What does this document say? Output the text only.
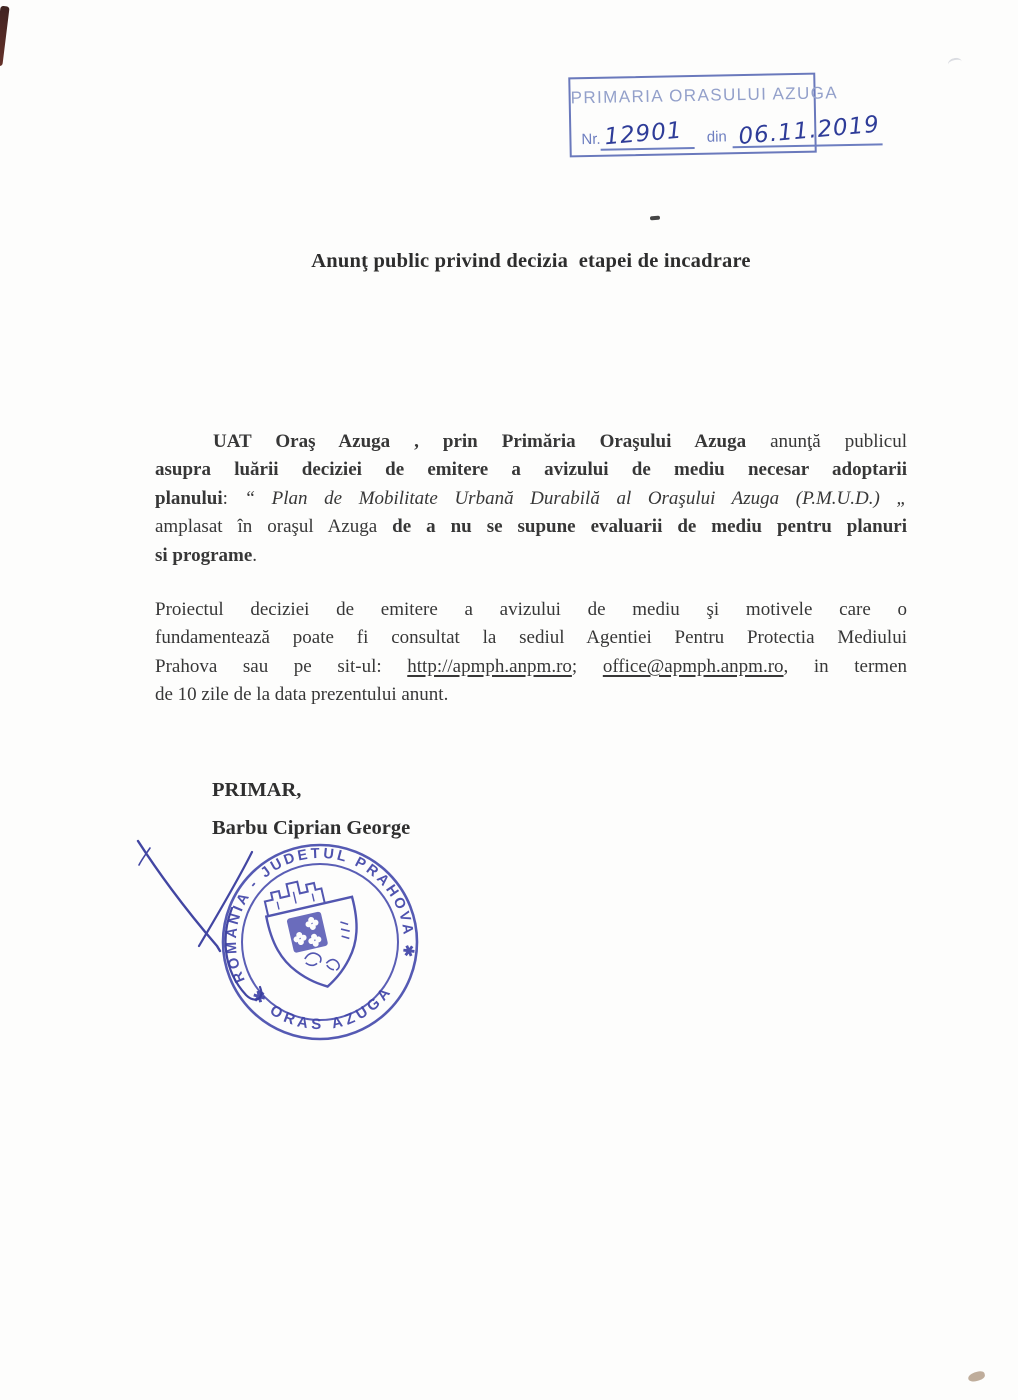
PRIMARIA ORASULUI AZUGA
Nr. 12901	din 06.11.2019
Anunţ public privind decizia  etapei de incadrare
UAT Oraş Azuga , prin Primăria Oraşului Azuga anunţă publicul
asupra luării deciziei de emitere a avizului de mediu necesar adoptarii
planului: “ Plan de Mobilitate Urbană Durabilă al Oraşului Azuga (P.M.U.D.) „
amplasat în oraşul Azuga de a nu se supune evaluarii de mediu pentru planuri
si programe.
Proiectul deciziei de emitere a avizului de mediu şi motivele care o
fundamentează poate fi consultat la sediul Agentiei Pentru Protectia Mediului
Prahova sau pe sit-ul: http://apmph.anpm.ro; office@apmph.anpm.ro, in termen
de 10 zile de la data prezentului anunt.
PRIMAR,
Barbu Ciprian George
ROMANIA - JUDETUL PRAHOVA ✱
✱ ORAS AZUGA
